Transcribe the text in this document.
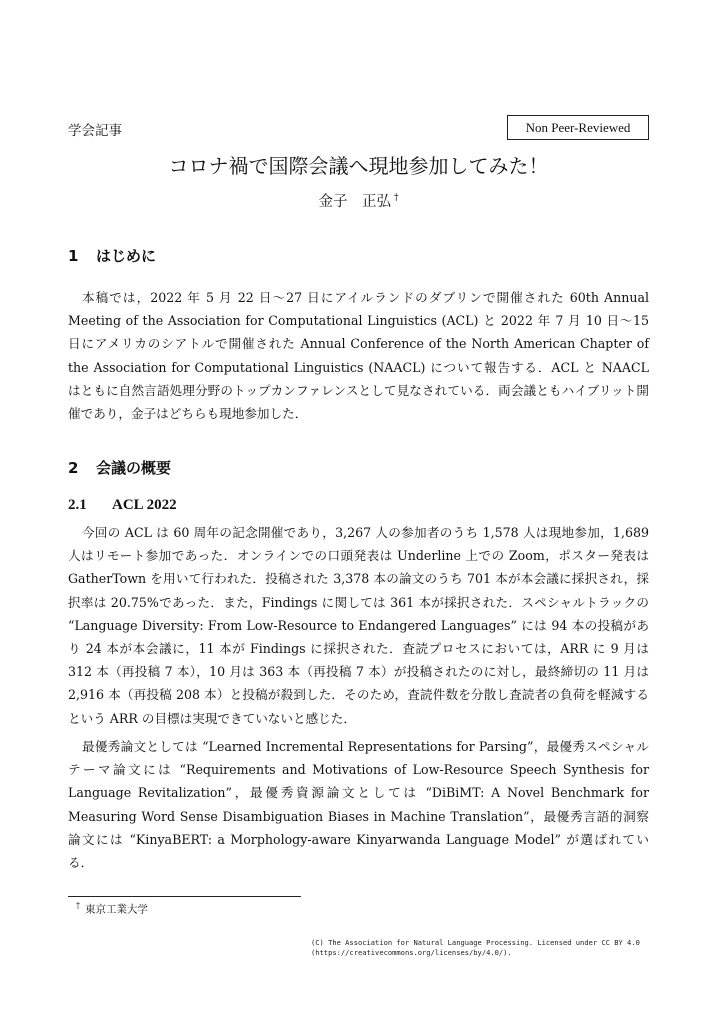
学会記事	Non Peer-Reviewed
コロナ禍で国際会議へ現地参加してみた！
金子　正弘 †
1 はじめに

本稿では，2022 年 5 月 22 日〜27 日にアイルランドのダブリンで開催された 60th Annual Meeting of the Association for Computational Linguistics (ACL) と 2022 年 7 月 10 日〜15 日にアメリカのシアトルで開催された Annual Conference of the North American Chapter of the Association for Computational Linguistics (NAACL) について報告する．ACL と NAACL はともに自然言語処理分野のトップカンファレンスとして見なされている．両会議ともハイブリット開催であり，金子はどちらも現地参加した．

2 会議の概要
2.1 ACL 2022

今回の ACL は 60 周年の記念開催であり，3,267 人の参加者のうち 1,578 人は現地参加，1,689 人はリモート参加であった．オンラインでの口頭発表は Underline 上での Zoom，ポスター発表は GatherTown を用いて行われた．投稿された 3,378 本の論文のうち 701 本が本会議に採択され，採択率は 20.75%であった．また，Findings に関しては 361 本が採択された．スペシャルトラックの “Language Diversity: From Low-Resource to Endangered Languages” には 94 本の投稿があり 24 本が本会議に，11 本が Findings に採択された．査読プロセスにおいては，ARR に 9 月は 312 本（再投稿 7 本），10 月は 363 本（再投稿 7 本）が投稿されたのに対し，最終締切の 11 月は 2,916 本（再投稿 208 本）と投稿が殺到した．そのため，査読件数を分散し査読者の負荷を軽減するという ARR の目標は実現できていないと感じた．

最優秀論文としては “Learned Incremental Representations for Parsing”，最優秀スペシャルテーマ論文には “Requirements and Motivations of Low-Resource Speech Synthesis for Language Revitalization”，最優秀資源論文としては “DiBiMT: A Novel Benchmark for Measuring Word Sense Disambiguation Biases in Machine Translation”，最優秀言語的洞察論文には “KinyaBERT: a Morphology-aware Kinyarwanda Language Model” が選ばれている．

† 東京工業大学
(C) The Association for Natural Language Processing. Licensed under CC BY 4.0
(https://creativecommons.org/licenses/by/4.0/).
